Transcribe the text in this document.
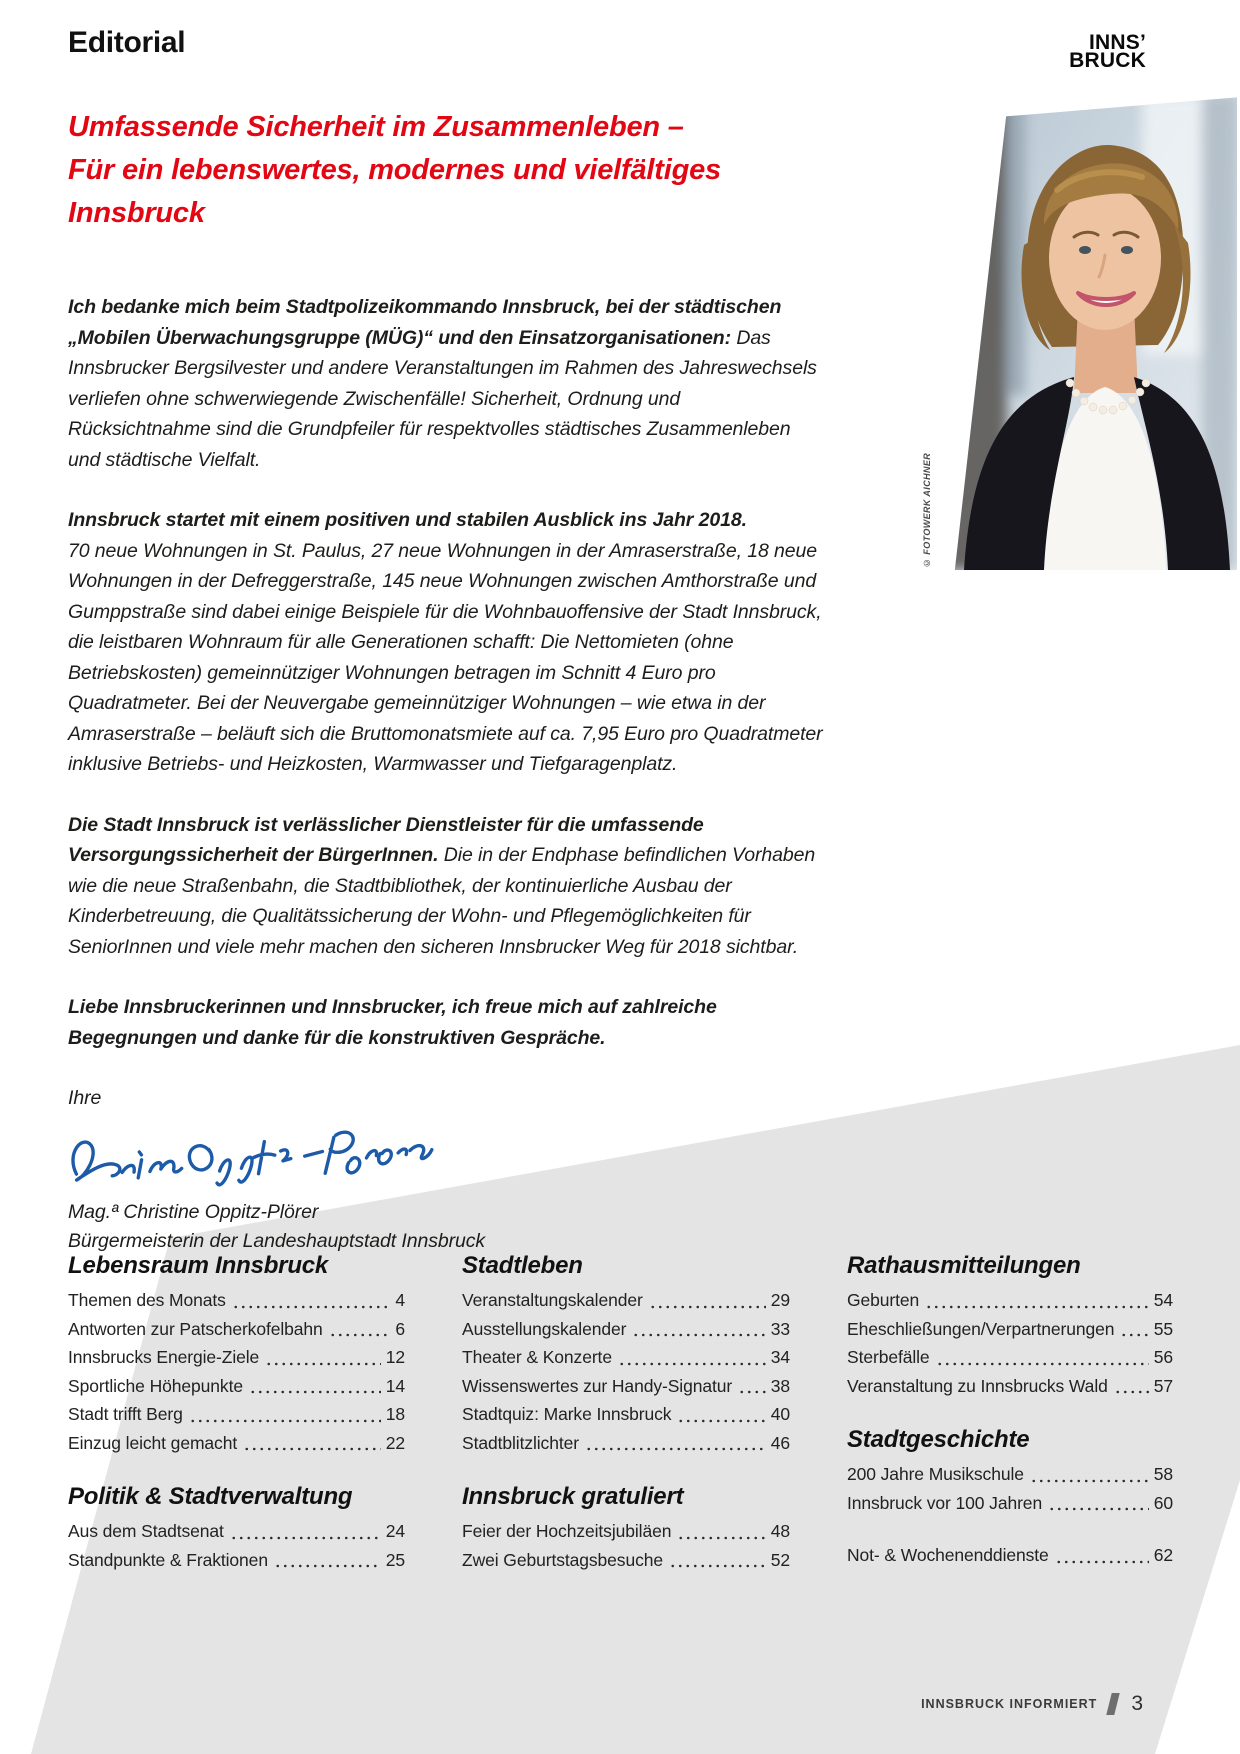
Editorial	INNS’
BRUCK
Umfassende Sicherheit im Zusammenleben –
Für ein lebenswertes, modernes und vielfältiges
Innsbruck
© FOTOWERK AICHNER

Ich bedanke mich beim Stadtpolizeikommando Innsbruck, bei der städtischen „Mobilen Überwachungsgruppe (MÜG)“ und den Einsatzorganisationen: Das Innsbrucker Bergsilvester und andere Veranstaltungen im Rahmen des Jahreswechsels verliefen ohne schwerwiegende Zwischenfälle! Sicherheit, Ordnung und Rücksichtnahme sind die Grundpfeiler für respektvolles städtisches Zusammenleben und städtische Vielfalt.

Innsbruck startet mit einem positiven und stabilen Ausblick ins Jahr 2018.
70 neue Wohnungen in St. Paulus, 27 neue Wohnungen in der Amraserstraße, 18 neue Wohnungen in der Defreggerstraße, 145 neue Wohnungen zwischen Amthorstraße und Gumppstraße sind dabei einige Beispiele für die Wohnbauoffensive der Stadt Innsbruck, die leistbaren Wohnraum für alle Generationen schafft: Die Nettomieten (ohne Betriebskosten) gemeinnütziger Wohnungen betragen im Schnitt 4 Euro pro Quadratmeter. Bei der Neuvergabe gemeinnütziger Wohnungen – wie etwa in der Amraserstraße – beläuft sich die Bruttomonatsmiete auf ca. 7,95 Euro pro Quadratmeter inklusive Betriebs- und Heizkosten, Warmwasser und Tiefgaragenplatz.

Die Stadt Innsbruck ist verlässlicher Dienstleister für die umfassende Versorgungssicherheit der BürgerInnen. Die in der Endphase befindlichen Vorhaben wie die neue Straßenbahn, die Stadtbibliothek, der kontinuierliche Ausbau der Kinderbetreuung, die Qualitätssicherung der Wohn- und Pflegemöglichkeiten für SeniorInnen und viele mehr machen den sicheren Innsbrucker Weg für 2018 sichtbar.

Liebe Innsbruckerinnen und Innsbrucker, ich freue mich auf zahlreiche Begegnungen und danke für die konstruktiven Gespräche.

Ihre

Mag.ª Christine Oppitz-Plörer

Bürgermeisterin der Landeshauptstadt Innsbruck

Lebensraum Innsbruck
Themen des Monats	4
Antworten zur Patscherkofelbahn	6
Innsbrucks Energie-Ziele	12
Sportliche Höhepunkte	14
Stadt trifft Berg	18
Einzug leicht gemacht	22
Politik & Stadtverwaltung
Aus dem Stadtsenat	24
Standpunkte & Fraktionen	25
Stadtleben
Veranstaltungskalender	29
Ausstellungskalender	33
Theater & Konzerte	34
Wissenswertes zur Handy-Signatur 38
Stadtquiz: Marke Innsbruck	40
Stadtblitzlichter	46
Innsbruck gratuliert
Feier der Hochzeitsjubiläen	48
Zwei Geburtstagsbesuche	52
Rathausmitteilungen
Geburten	54
Eheschließungen/Verpartnerungen 55
Sterbefälle	56
Veranstaltung zu Innsbrucks Wald	57
Stadtgeschichte
200 Jahre Musikschule	58
Innsbruck vor 100 Jahren	60
Not- & Wochenenddienste	62
INNSBRUCK INFORMIERT 3
